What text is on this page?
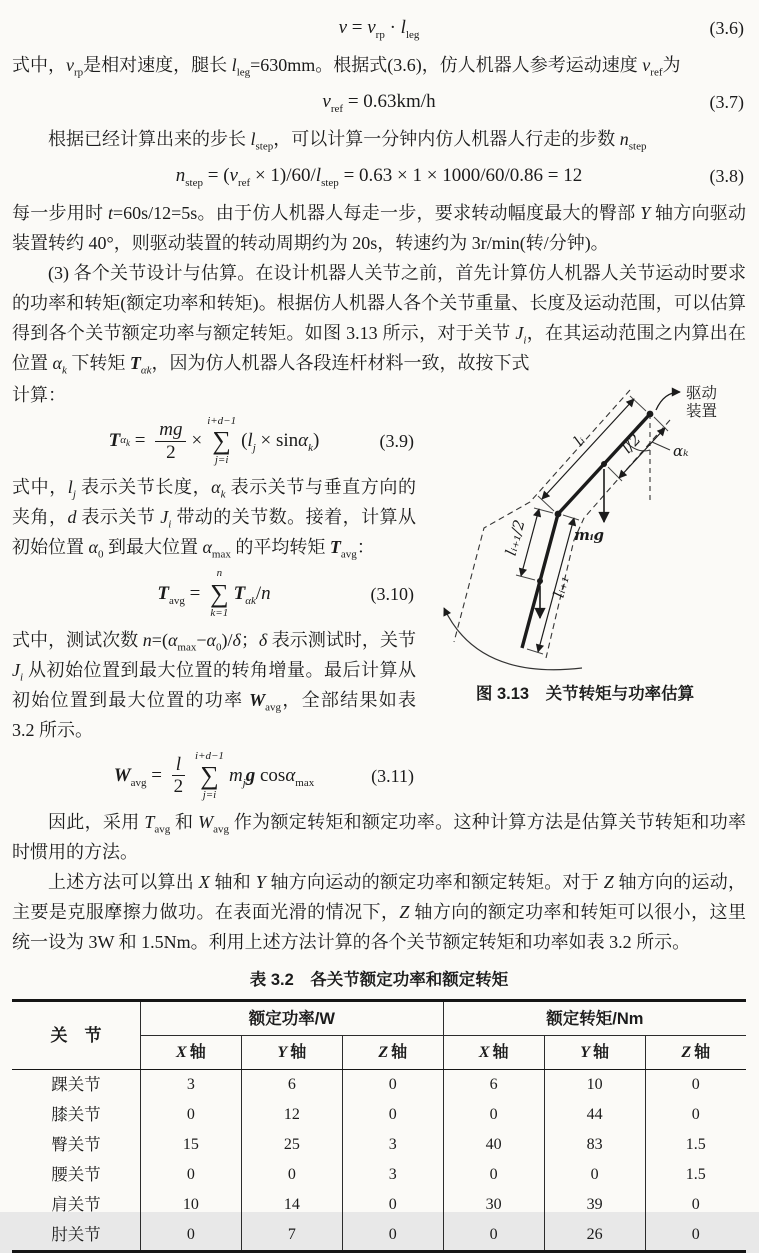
$v = v_{rp} \cdot l_{leg}$	(3.6)

式中，$v_{rp}$是相对速度，腿长 $l_{leg}=630mm$。根据式(3.6)，仿人机器人参考运动速度 $v_{ref}$为

$v_{ref} = 0.63km/h$	(3.7)

根据已经计算出来的步长 $l_{step}$，可以计算一分钟内仿人机器人行走的步数 $n_{step}$

$n_{step} = (v_{ref} \times 1)/60/l_{step} = 0.63 \times 1 \times 1000/60/0.86 = 12$	(3.8)

每一步用时 t=60s/12=5s。由于仿人机器人每走一步，要求转动幅度最大的臀部 Y 轴方向驱动装置转约 40°，则驱动装置的转动周期约为 20s，转速约为 3r/min(转/分钟)。

(3) 各个关节设计与估算。在设计机器人关节之前，首先计算仿人机器人关节运动时要求的功率和转矩(额定功率和转矩)。根据仿人机器人各个关节重量、长度及运动范围，可以估算得到各个关节额定功率与额定转矩。如图 3.13 所示，对于关节 $J_i$，在其运动范围之内算出在位置 $\alpha_k$ 下转矩 $T_{\alpha k}$，因为仿人机器人各段连杆材料一致，故按下式

计算：

T $\alpha_k = \frac{mg}{2}$ ×
i+d−1
∑
j=i
$(l_j \times \sin\alpha_k)$	(3.9)

式中，$l_j$ 表示关节长度，$\alpha_k$ 表示关节与垂直方向的夹角，d 表示关节 $J_i$ 带动的关节数。接着，计算从初始位置 $\alpha_0$ 到最大位置 $\alpha_{max}$ 的平均转矩 $T_{avg}$：

$T_{avg}$ =
n
∑
k=1
$T_{\alpha k}/n$	(3.10)

式中，测试次数 $n=(\alpha_{max}-\alpha_0)/\delta$；δ 表示测试时，关节 $J_i$ 从初始位置到最大位置的转角增量。最后计算从初始位置到最大位置的功率 $W_{avg}$，全部结果如表 3.2 所示。

$W_{avg} = \frac{l}{2} i+d-1$
∑
j=i
$m_jg$ cosα$_{max}$	(3.11)
驱动
装置
αₖ
lᵢ l/2
mᵢg
lᵢ₊₁/2
lᵢ₊₁
图 3.13　关节转矩与功率估算

因此，采用 $T_{avg}$ 和 $W_{avg}$ 作为额定转矩和额定功率。这种计算方法是估算关节转矩和功率时惯用的方法。

上述方法可以算出 X 轴和 Y 轴方向运动的额定功率和额定转矩。对于 Z 轴方向的运动，主要是克服摩擦力做功。在表面光滑的情况下，Z 轴方向的额定功率和转矩可以很小，这里统一设为 3W 和 1.5Nm。利用上述方法计算的各个关节额定转矩和功率如表 3.2 所示。

表 3.2　各关节额定功率和额定转矩
关　节	额定功率/W			额定转矩/Nm		
	X 轴	Y 轴	Z 轴	X 轴	Y 轴	Z 轴
踝关节	3	6	0	6	10	0
膝关节	0	12	0	0	44	0
臀关节	15	25	3	40	83	1.5
腰关节	0	0	3	0	0	1.5
肩关节	10	14	0	30	39	0
肘关节	0	7	0	0	26	0
